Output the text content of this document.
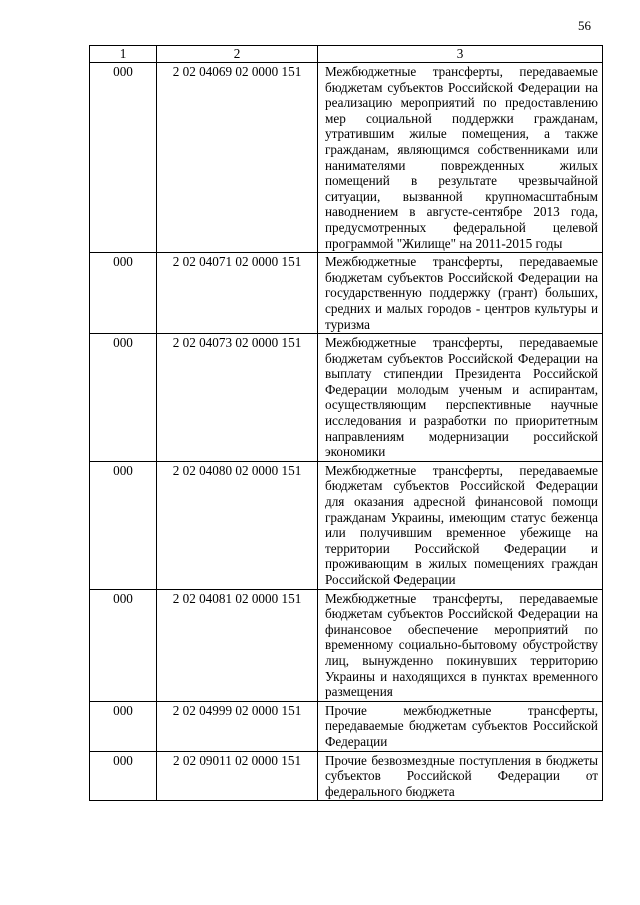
56
1	2	3
000	2 02 04069 02 0000 151	Межбюджетные трансферты, передаваемые бюджетам субъектов Российской Федерации на реализацию мероприятий по предоставлению мер социальной поддержки гражданам, утратившим жилые помещения, а также гражданам, являющимся собственниками или нанимателями поврежденных жилых помещений в результате чрезвычайной ситуации, вызванной крупномасштабным наводнением в августе-сентябре 2013 года, предусмотренных федеральной целевой программой "Жилище" на 2011-2015 годы
000	2 02 04071 02 0000 151	Межбюджетные трансферты, передаваемые бюджетам субъектов Российской Федерации на государственную поддержку (грант) больших, средних и малых городов - центров культуры и туризма
000	2 02 04073 02 0000 151	Межбюджетные трансферты, передаваемые бюджетам субъектов Российской Федерации на выплату стипендии Президента Российской Федерации молодым ученым и аспирантам, осуществляющим перспективные научные исследования и разработки по приоритетным направлениям модернизации российской экономики
000	2 02 04080 02 0000 151	Межбюджетные трансферты, передаваемые бюджетам субъектов Российской Федерации для оказания адресной финансовой помощи гражданам Украины, имеющим статус беженца или получившим временное убежище на территории Российской Федерации и проживающим в жилых помещениях граждан Российской Федерации
000	2 02 04081 02 0000 151	Межбюджетные трансферты, передаваемые бюджетам субъектов Российской Федерации на финансовое обеспечение мероприятий по временному социально-бытовому обустройству лиц, вынужденно покинувших территорию Украины и находящихся в пунктах временного размещения
000	2 02 04999 02 0000 151	Прочие межбюджетные трансферты, передаваемые бюджетам субъектов Российской Федерации
000	2 02 09011 02 0000 151	Прочие безвозмездные поступления в бюджеты субъектов Российской Федерации от федерального бюджета
